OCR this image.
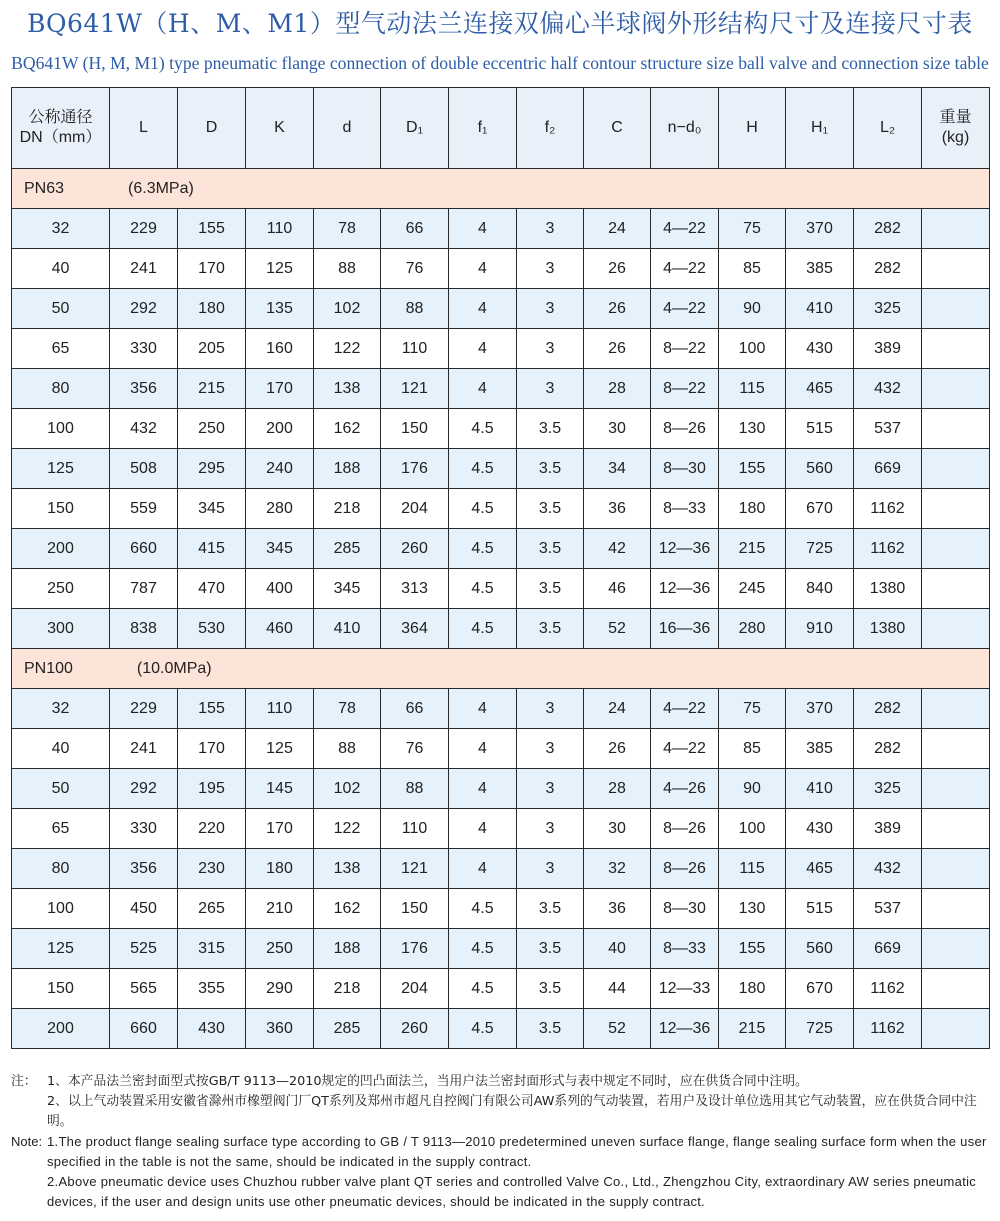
BQ641W（H、M、M1）型气动法兰连接双偏心半球阀外形结构尺寸及连接尺寸表
BQ641W (H, M, M1) type pneumatic flange connection of double eccentric half contour structure size ball valve and connection size table
公称通径
DN（mm）	L	D	K	d	D₁	f₁	f₂	C	n−d₀	H	H₁	L₂	重量
(kg)
PN63 (6.3MPa)													
32	229	155	110	78	66	4	3	24	4—22	75	370	282	
40	241	170	125	88	76	4	3	26	4—22	85	385	282	
50	292	180	135	102	88	4	3	26	4—22	90	410	325	
65	330	205	160	122	110	4	3	26	8—22	100	430	389	
80	356	215	170	138	121	4	3	28	8—22	115	465	432	
100	432	250	200	162	150	4.5	3.5	30	8—26	130	515	537	
125	508	295	240	188	176	4.5	3.5	34	8—30	155	560	669	
150	559	345	280	218	204	4.5	3.5	36	8—33	180	670	1162	
200	660	415	345	285	260	4.5	3.5	42	12—36	215	725	1162	
250	787	470	400	345	313	4.5	3.5	46	12—36	245	840	1380	
300	838	530	460	410	364	4.5	3.5	52	16—36	280	910	1380	
PN100 (10.0MPa)													
32	229	155	110	78	66	4	3	24	4—22	75	370	282	
40	241	170	125	88	76	4	3	26	4—22	85	385	282	
50	292	195	145	102	88	4	3	28	4—26	90	410	325	
65	330	220	170	122	110	4	3	30	8—26	100	430	389	
80	356	230	180	138	121	4	3	32	8—26	115	465	432	
100	450	265	210	162	150	4.5	3.5	36	8—30	130	515	537	
125	525	315	250	188	176	4.5	3.5	40	8—33	155	560	669	
150	565	355	290	218	204	4.5	3.5	44	12—33	180	670	1162	
200	660	430	360	285	260	4.5	3.5	52	12—36	215	725	1162	
注： 1、本产品法兰密封面型式按GB/T 9113—2010规定的凹凸面法兰，当用户法兰密封面形式与表中规定不同时，应在供货合同中注明。
2、以上气动装置采用安徽省滁州市橡塑阀门厂QT系列及郑州市超凡自控阀门有限公司AW系列的气动装置，若用户及设计单位选用其它气动装置，应在供货合同中注明。
Note: 1.The product flange sealing surface type according to GB / T 9113—2010 predetermined uneven surface flange, flange sealing surface form when the user specified in the table is not the same, should be indicated in the supply contract.
2.Above pneumatic device uses Chuzhou rubber valve plant QT series and controlled Valve Co., Ltd., Zhengzhou City, extraordinary AW series pneumatic devices, if the user and design units use other pneumatic devices, should be indicated in the supply contract.
